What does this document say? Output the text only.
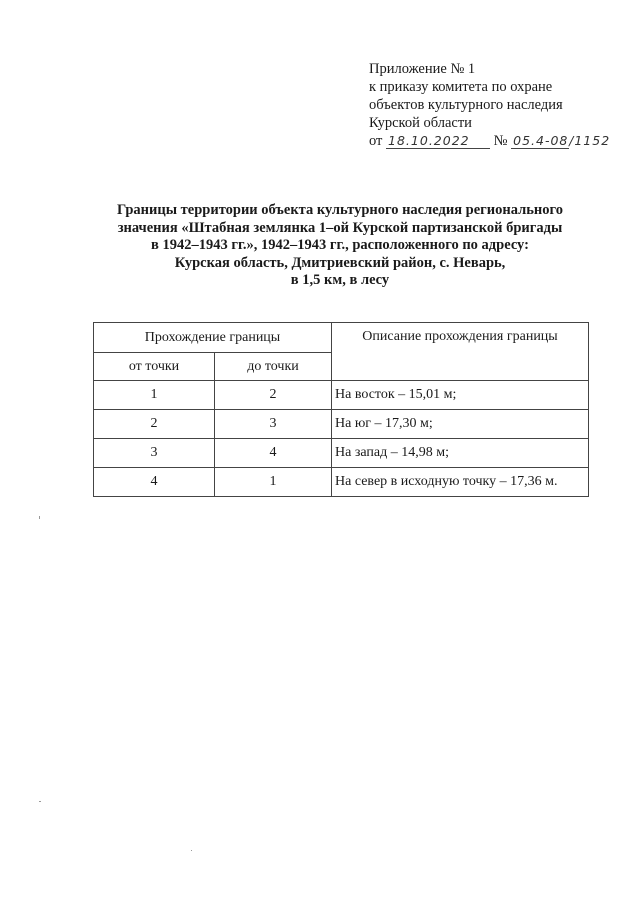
Приложение № 1
к приказу комитета по охране
объектов культурного наследия
Курской области
от 18.10.2022 № 05.4-08/1152
Границы территории объекта культурного наследия регионального
значения «Штабная землянка 1–ой Курской партизанской бригады
в 1942–1943 гг.», 1942–1943 гг., расположенного по адресу:
Курская область, Дмитриевский район, с. Неварь,
в 1,5 км, в лесу
Прохождение границы		Описание прохождения границы
от точки	до точки	
1	2	На восток – 15,01 м;
2	3	На юг – 17,30 м;
3	4	На запад – 14,98 м;
4	1	На север в исходную точку – 17,36 м.
